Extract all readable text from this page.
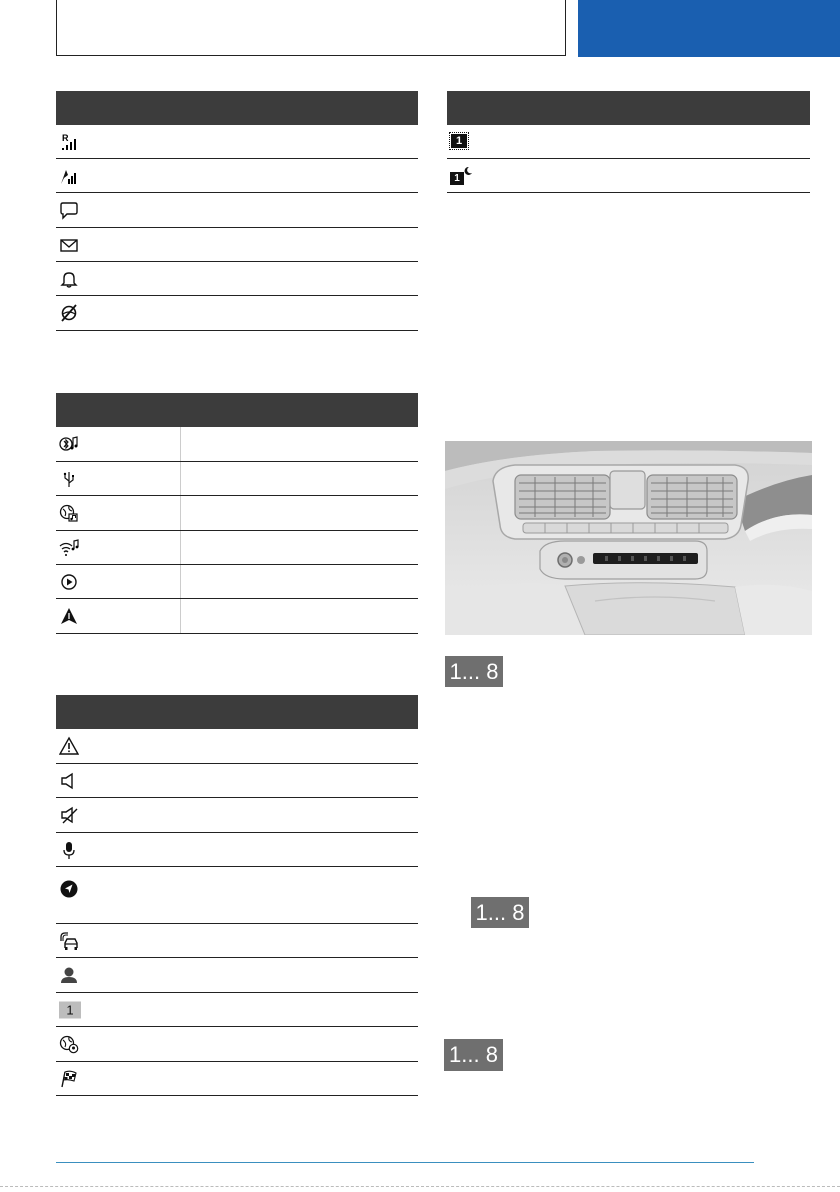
R
1
1
1
1... 8
1... 8
1... 8
